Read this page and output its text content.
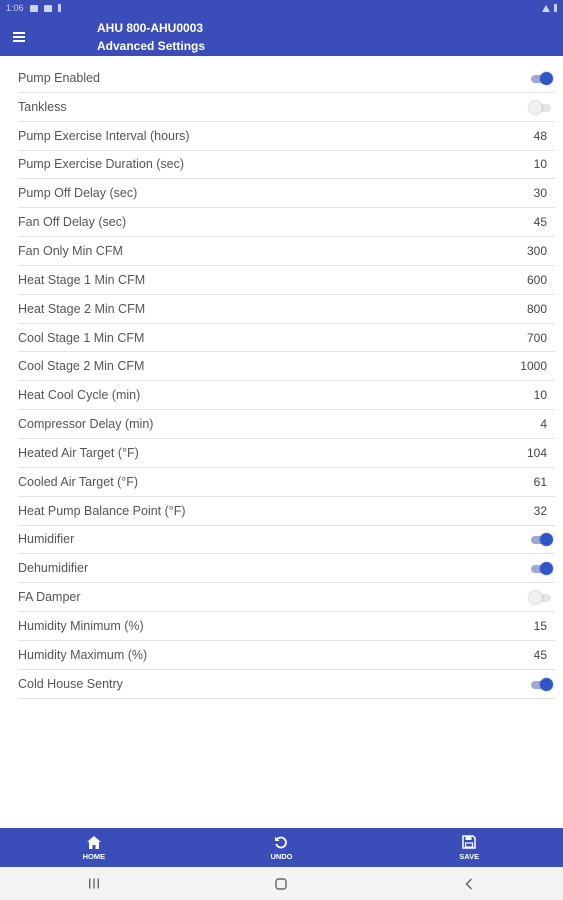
1:06
AHU 800-AHU0003
Advanced Settings
Pump Enabled
Tankless
Pump Exercise Interval (hours)	48
Pump Exercise Duration (sec)	10
Pump Off Delay (sec)	30
Fan Off Delay (sec)	45
Fan Only Min CFM	300
Heat Stage 1 Min CFM	600
Heat Stage 2 Min CFM	800
Cool Stage 1 Min CFM	700
Cool Stage 2 Min CFM	1000
Heat Cool Cycle (min)	10
Compressor Delay (min)	4
Heated Air Target (°F)	104
Cooled Air Target (°F)	61
Heat Pump Balance Point (°F)	32
Humidifier
Dehumidifier
FA Damper
Humidity Minimum (%)	15
Humidity Maximum (%)	45
Cold House Sentry
HOME	UNDO	SAVE
